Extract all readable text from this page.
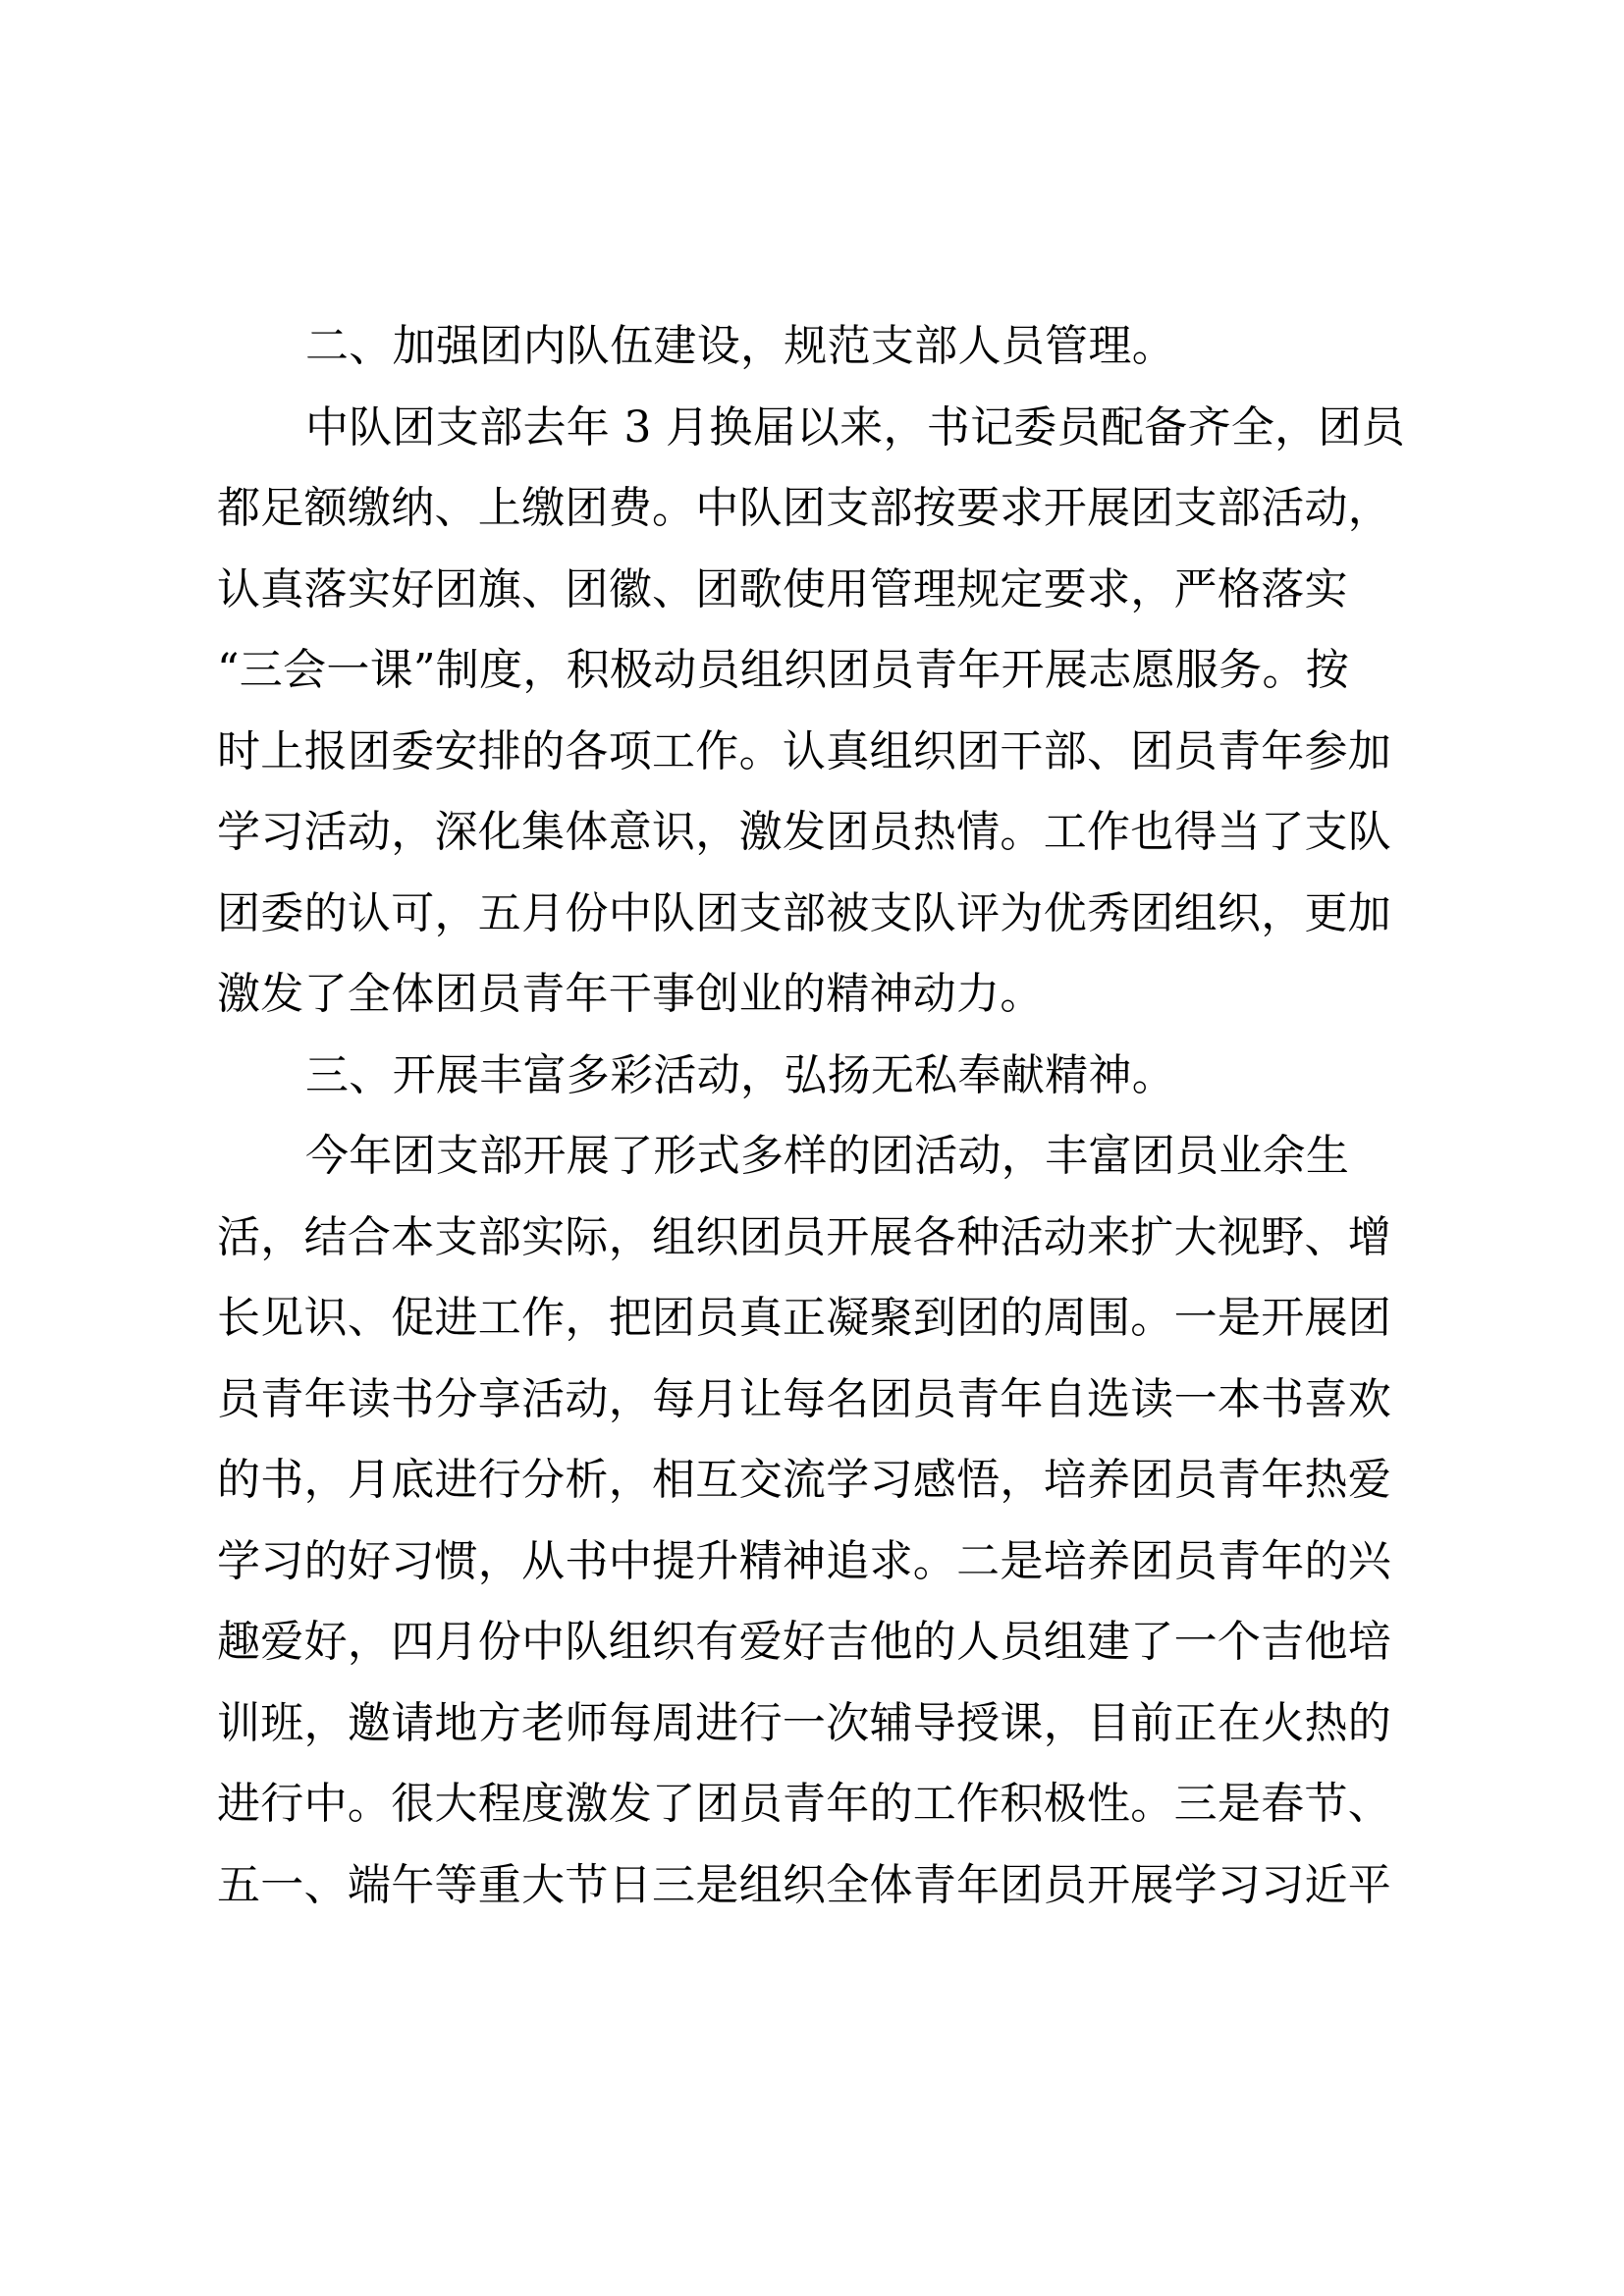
二、加强团内队伍建设，规范支部人员管理。
中队团支部去年 3 月换届以来，书记委员配备齐全，团员
都足额缴纳、上缴团费。中队团支部按要求开展团支部活动，
认真落实好团旗、团徽、团歌使用管理规定要求，严格落实
“三会一课”制度，积极动员组织团员青年开展志愿服务。按
时上报团委安排的各项工作。认真组织团干部、团员青年参加
学习活动，深化集体意识，激发团员热情。工作也得当了支队
团委的认可，五月份中队团支部被支队评为优秀团组织，更加
激发了全体团员青年干事创业的精神动力。
三、开展丰富多彩活动，弘扬无私奉献精神。
今年团支部开展了形式多样的团活动，丰富团员业余生
活，结合本支部实际，组织团员开展各种活动来扩大视野、增
长见识、促进工作，把团员真正凝聚到团的周围。一是开展团
员青年读书分享活动，每月让每名团员青年自选读一本书喜欢
的书，月底进行分析，相互交流学习感悟，培养团员青年热爱
学习的好习惯，从书中提升精神追求。二是培养团员青年的兴
趣爱好，四月份中队组织有爱好吉他的人员组建了一个吉他培
训班，邀请地方老师每周进行一次辅导授课，目前正在火热的
进行中。很大程度激发了团员青年的工作积极性。三是春节、
五一、端午等重大节日三是组织全体青年团员开展学习习近平
